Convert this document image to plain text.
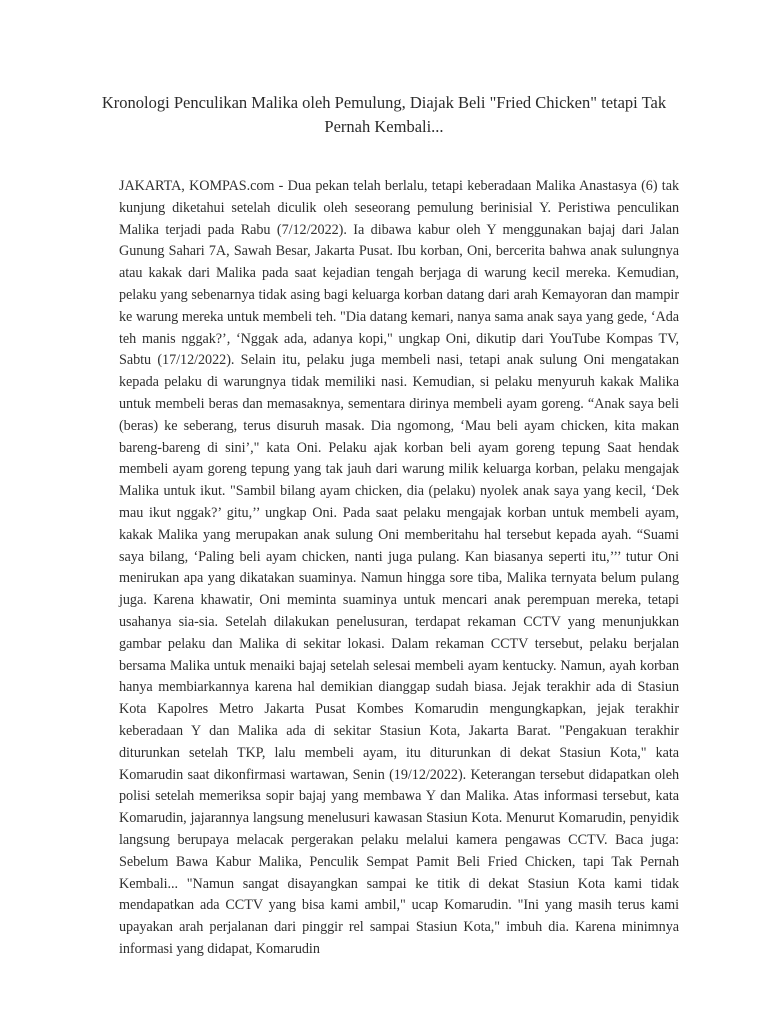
Kronologi Penculikan Malika oleh Pemulung, Diajak Beli "Fried Chicken" tetapi Tak Pernah Kembali...

JAKARTA, KOMPAS.com - Dua pekan telah berlalu, tetapi keberadaan Malika Anastasya (6) tak kunjung diketahui setelah diculik oleh seseorang pemulung berinisial Y. Peristiwa penculikan Malika terjadi pada Rabu (7/12/2022). Ia dibawa kabur oleh Y menggunakan bajaj dari Jalan Gunung Sahari 7A, Sawah Besar, Jakarta Pusat. Ibu korban, Oni, bercerita bahwa anak sulungnya atau kakak dari Malika pada saat kejadian tengah berjaga di warung kecil mereka. Kemudian, pelaku yang sebenarnya tidak asing bagi keluarga korban datang dari arah Kemayoran dan mampir ke warung mereka untuk membeli teh. "Dia datang kemari, nanya sama anak saya yang gede, ‘Ada teh manis nggak?’, ‘Nggak ada, adanya kopi," ungkap Oni, dikutip dari YouTube Kompas TV, Sabtu (17/12/2022). Selain itu, pelaku juga membeli nasi, tetapi anak sulung Oni mengatakan kepada pelaku di warungnya tidak memiliki nasi. Kemudian, si pelaku menyuruh kakak Malika untuk membeli beras dan memasaknya, sementara dirinya membeli ayam goreng. “Anak saya beli (beras) ke seberang, terus disuruh masak. Dia ngomong, ‘Mau beli ayam chicken, kita makan bareng-bareng di sini’," kata Oni. Pelaku ajak korban beli ayam goreng tepung Saat hendak membeli ayam goreng tepung yang tak jauh dari warung milik keluarga korban, pelaku mengajak Malika untuk ikut. "Sambil bilang ayam chicken, dia (pelaku) nyolek anak saya yang kecil, ‘Dek mau ikut nggak?’ gitu,’’ ungkap Oni. Pada saat pelaku mengajak korban untuk membeli ayam, kakak Malika yang merupakan anak sulung Oni memberitahu hal tersebut kepada ayah. “Suami saya bilang, ‘Paling beli ayam chicken, nanti juga pulang. Kan biasanya seperti itu,’’’ tutur Oni menirukan apa yang dikatakan suaminya. Namun hingga sore tiba, Malika ternyata belum pulang juga. Karena khawatir, Oni meminta suaminya untuk mencari anak perempuan mereka, tetapi usahanya sia-sia. Setelah dilakukan penelusuran, terdapat rekaman CCTV yang menunjukkan gambar pelaku dan Malika di sekitar lokasi. Dalam rekaman CCTV tersebut, pelaku berjalan bersama Malika untuk menaiki bajaj setelah selesai membeli ayam kentucky. Namun, ayah korban hanya membiarkannya karena hal demikian dianggap sudah biasa. Jejak terakhir ada di Stasiun Kota Kapolres Metro Jakarta Pusat Kombes Komarudin mengungkapkan, jejak terakhir keberadaan Y dan Malika ada di sekitar Stasiun Kota, Jakarta Barat. "Pengakuan terakhir diturunkan setelah TKP, lalu membeli ayam, itu diturunkan di dekat Stasiun Kota," kata Komarudin saat dikonfirmasi wartawan, Senin (19/12/2022). Keterangan tersebut didapatkan oleh polisi setelah memeriksa sopir bajaj yang membawa Y dan Malika. Atas informasi tersebut, kata Komarudin, jajarannya langsung menelusuri kawasan Stasiun Kota. Menurut Komarudin, penyidik langsung berupaya melacak pergerakan pelaku melalui kamera pengawas CCTV. Baca juga: Sebelum Bawa Kabur Malika, Penculik Sempat Pamit Beli Fried Chicken, tapi Tak Pernah Kembali... "Namun sangat disayangkan sampai ke titik di dekat Stasiun Kota kami tidak mendapatkan ada CCTV yang bisa kami ambil," ucap Komarudin. "Ini yang masih terus kami upayakan arah perjalanan dari pinggir rel sampai Stasiun Kota," imbuh dia. Karena minimnya informasi yang didapat, Komarudin
